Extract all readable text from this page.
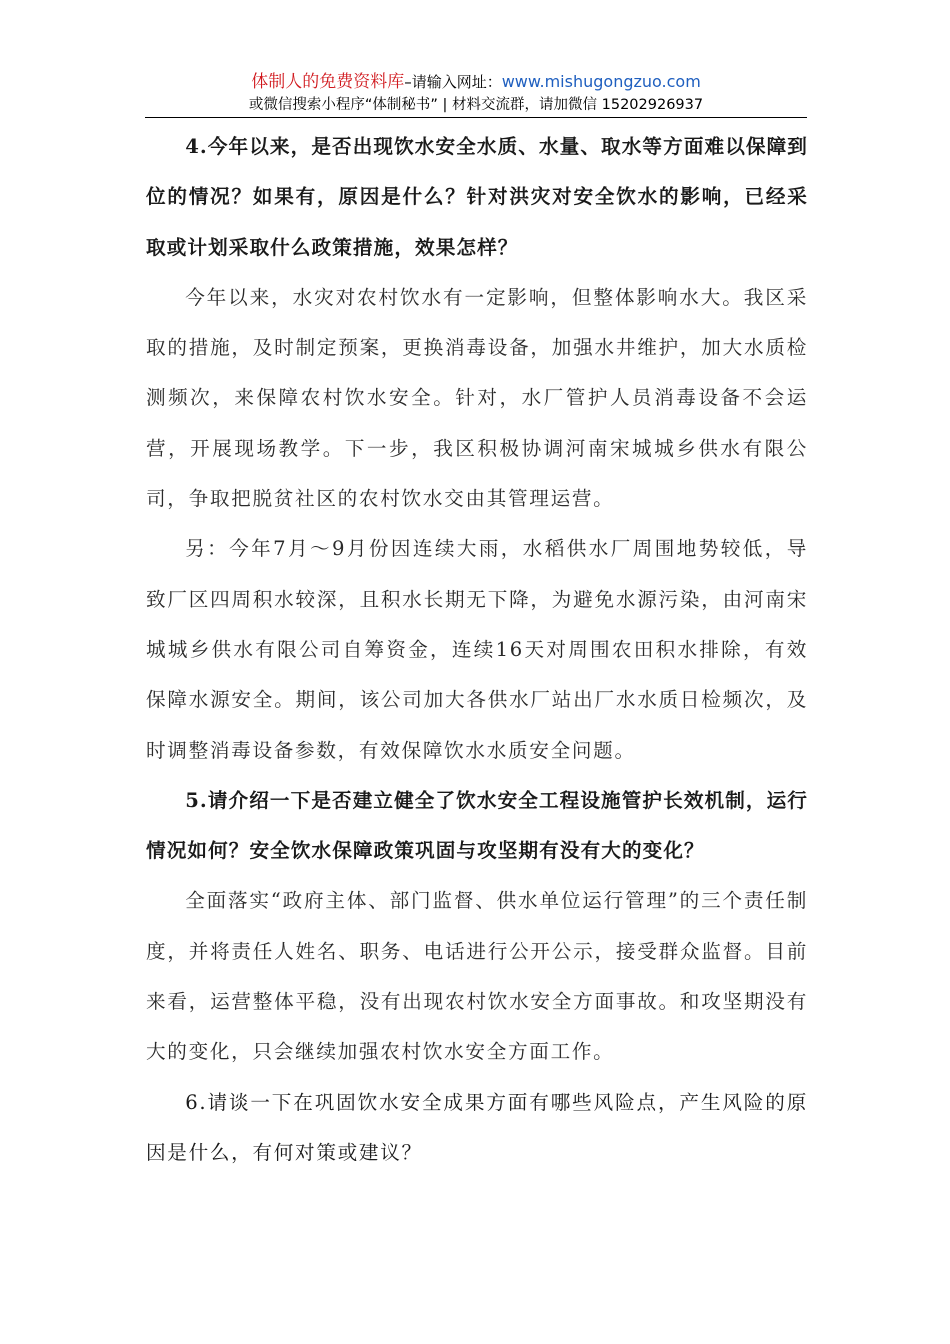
体制人的免费资料库–请输入网址：www.mishugongzuo.com
或微信搜索小程序“体制秘书” | 材料交流群，请加微信 15202926937

4.今年以来，是否出现饮水安全水质、水量、取水等方面难以保障到位的情况？如果有，原因是什么？针对洪灾对安全饮水的影响，已经采取或计划采取什么政策措施，效果怎样？

今年以来，水灾对农村饮水有一定影响，但整体影响水大。我区采取的措施，及时制定预案，更换消毒设备，加强水井维护，加大水质检测频次，来保障农村饮水安全。针对，水厂管护人员消毒设备不会运营，开展现场教学。下一步，我区积极协调河南宋城城乡供水有限公司，争取把脱贫社区的农村饮水交由其管理运营。

另：今年7月～9月份因连续大雨，水稻供水厂周围地势较低，导致厂区四周积水较深，且积水长期无下降，为避免水源污染，由河南宋城城乡供水有限公司自筹资金，连续16天对周围农田积水排除，有效保障水源安全。期间，该公司加大各供水厂站出厂水水质日检频次，及时调整消毒设备参数，有效保障饮水水质安全问题。

5.请介绍一下是否建立健全了饮水安全工程设施管护长效机制，运行情况如何？安全饮水保障政策巩固与攻坚期有没有大的变化？

全面落实“政府主体、部门监督、供水单位运行管理”的三个责任制度，并将责任人姓名、职务、电话进行公开公示，接受群众监督。目前来看，运营整体平稳，没有出现农村饮水安全方面事故。和攻坚期没有大的变化，只会继续加强农村饮水安全方面工作。

6.请谈一下在巩固饮水安全成果方面有哪些风险点，产生风险的原因是什么，有何对策或建议？
